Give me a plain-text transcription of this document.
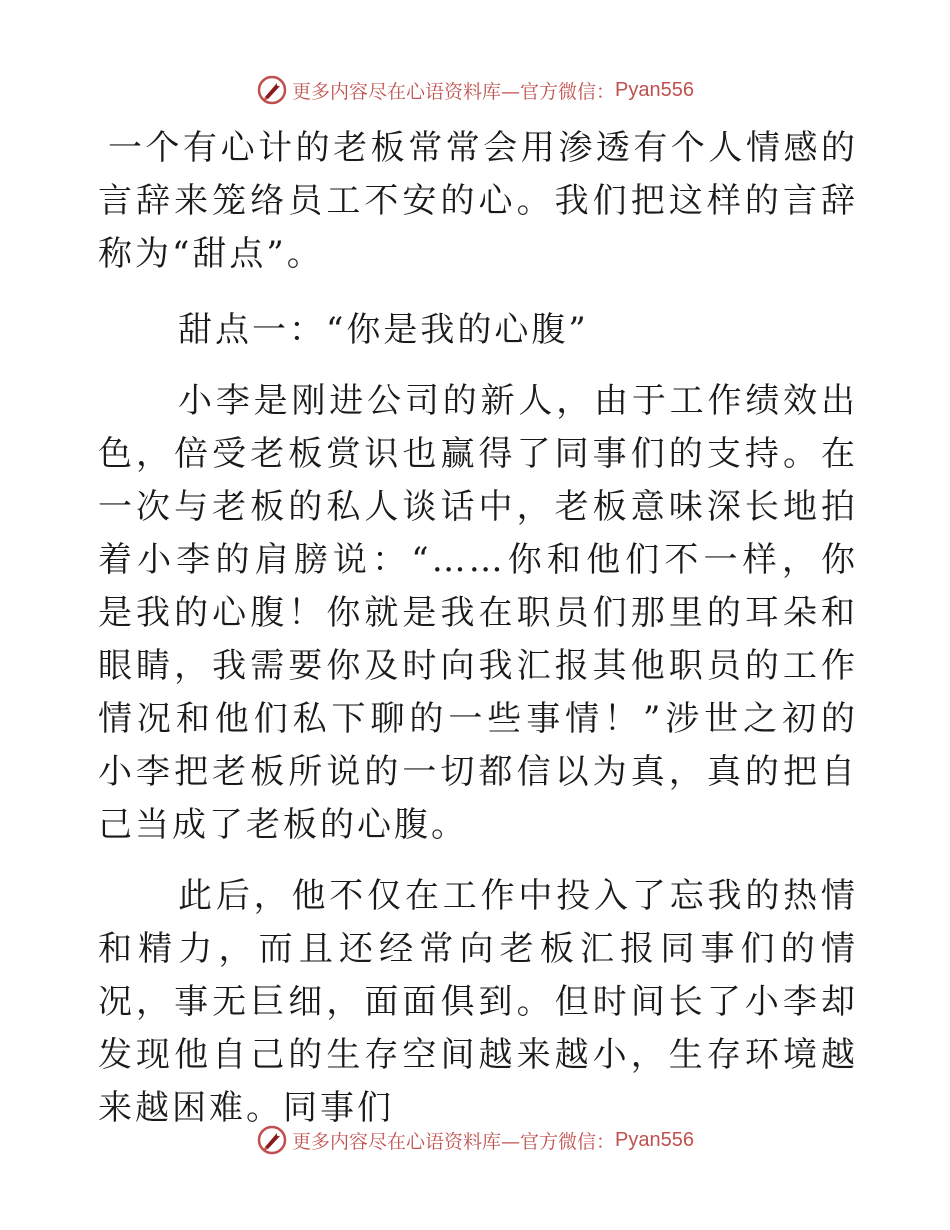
更多内容尽在心语资料库—官方微信： Pyan556

一个有心计的老板常常会用渗透有个人情感的言辞来笼络员工不安的心。我们把这样的言辞称为“甜点”。

甜点一：“你是我的心腹”

小李是刚进公司的新人，由于工作绩效出色，倍受老板赏识也赢得了同事们的支持。在一次与老板的私人谈话中，老板意味深长地拍着小李的肩膀说：“……你和他们不一样，你是我的心腹！你就是我在职员们那里的耳朵和眼睛，我需要你及时向我汇报其他职员的工作情况和他们私下聊的一些事情！”涉世之初的小李把老板所说的一切都信以为真，真的把自己当成了老板的心腹。

此后，他不仅在工作中投入了忘我的热情和精力，而且还经常向老板汇报同事们的情况，事无巨细，面面俱到。但时间长了小李却发现他自己的生存空间越来越小，生存环境越来越困难。同事们

更多内容尽在心语资料库—官方微信： Pyan556
